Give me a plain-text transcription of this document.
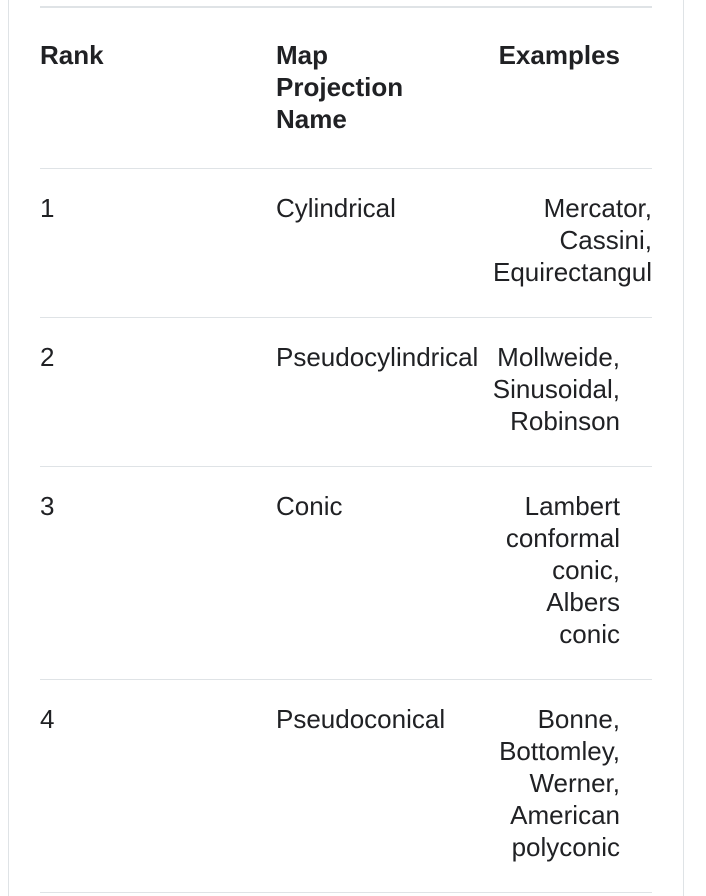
Rank	Map Projection Name	Examples
1	Cylindrical	Mercator, Cassini, Equirectangul
2	Pseudocylindrical	Mollweide, Sinusoidal, Robinson
3	Conic	Lambert conformal conic, Albers conic
4	Pseudoconical	Bonne, Bottomley, Werner, American polyconic
